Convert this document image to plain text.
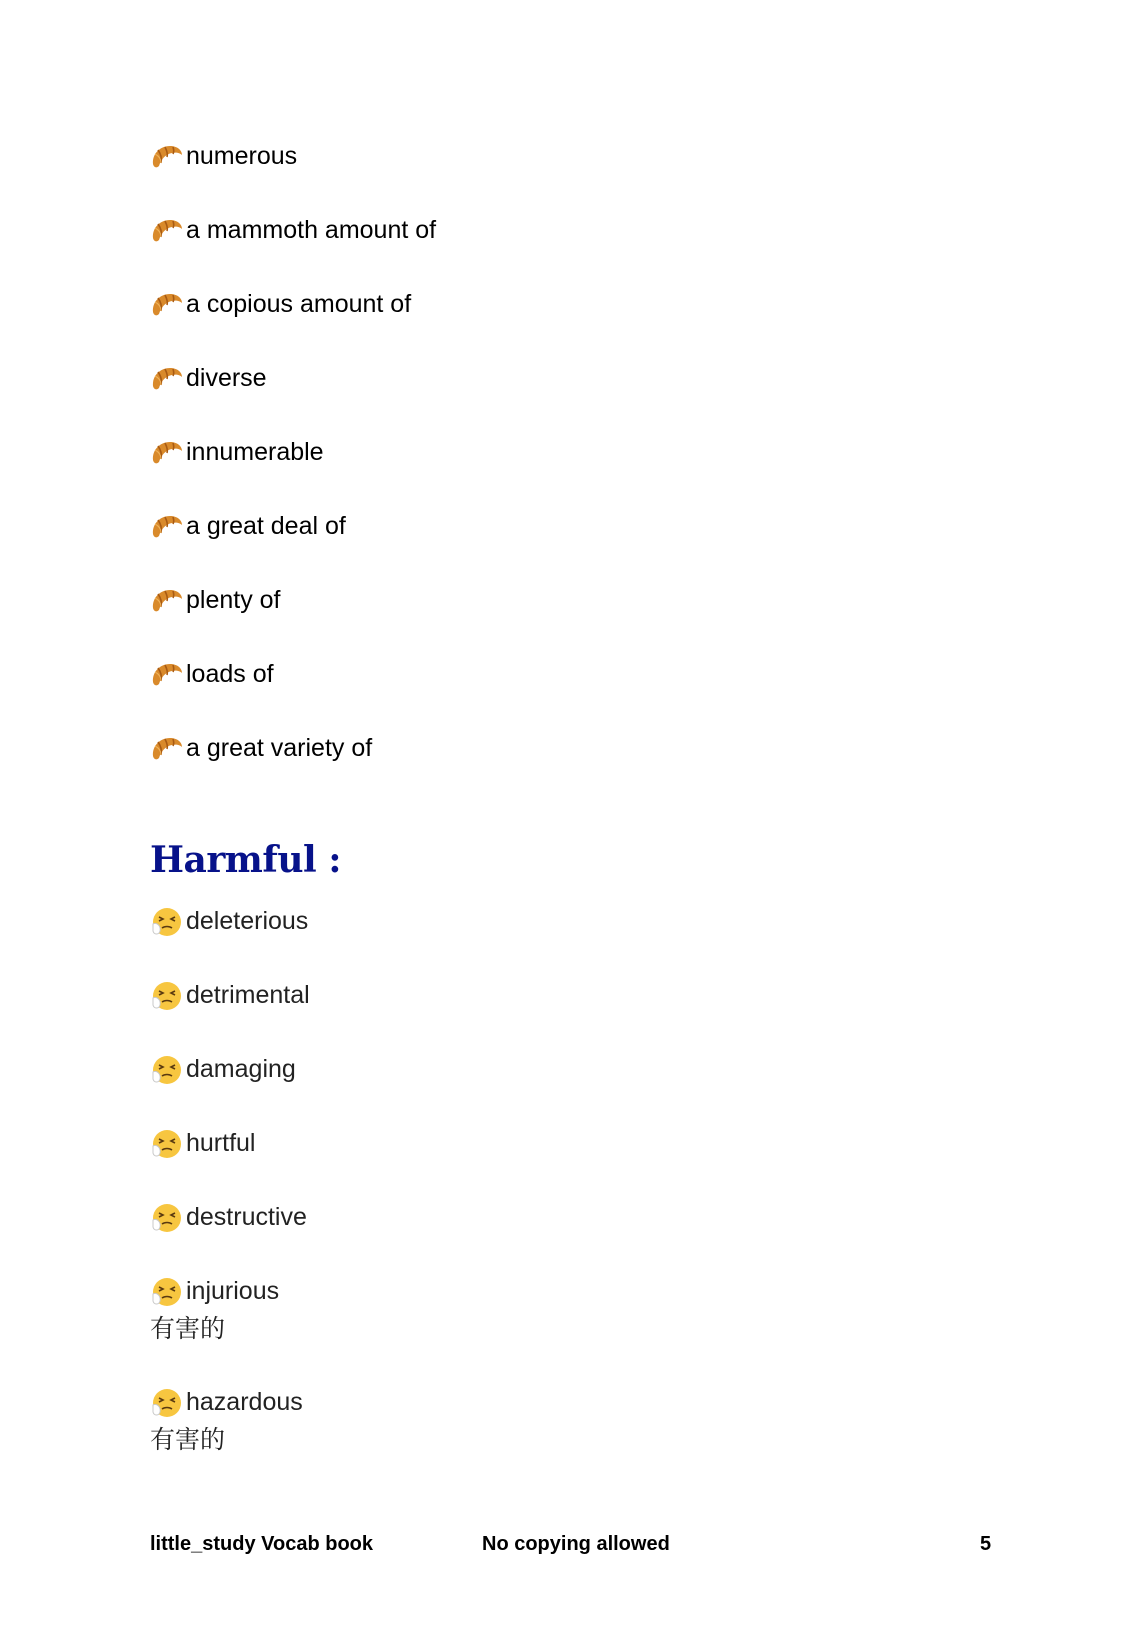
numerous
a mammoth amount of
a copious amount of
diverse
innumerable
a great deal of
plenty of
loads of
a great variety of
Harmful :
deleterious
detrimental
damaging
hurtful
destructive
injurious
有害的
hazardous
有害的
little_study Vocab book	No copying allowed	5
